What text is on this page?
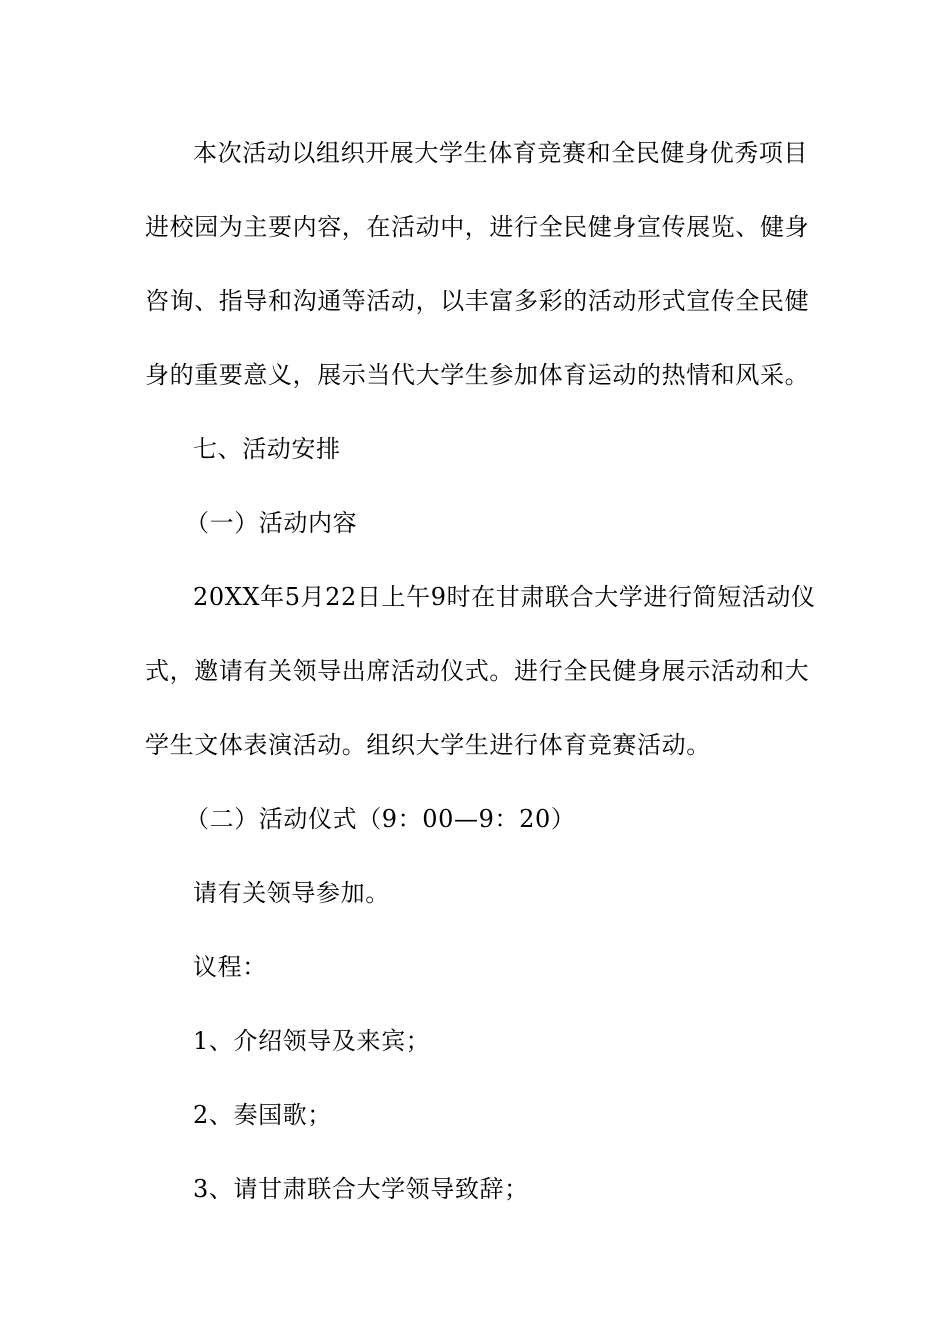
本次活动以组织开展大学生体育竞赛和全民健身优秀项目
进校园为主要内容，在活动中，进行全民健身宣传展览、健身
咨询、指导和沟通等活动，以丰富多彩的活动形式宣传全民健
身的重要意义，展示当代大学生参加体育运动的热情和风采。
七、活动安排
（一）活动内容
20XX年5月22日上午9时在甘肃联合大学进行简短活动仪
式，邀请有关领导出席活动仪式。进行全民健身展示活动和大
学生文体表演活动。组织大学生进行体育竞赛活动。
（二）活动仪式（9：00—9：20）
请有关领导参加。
议程：
1、介绍领导及来宾；
2、奏国歌；
3、请甘肃联合大学领导致辞；
